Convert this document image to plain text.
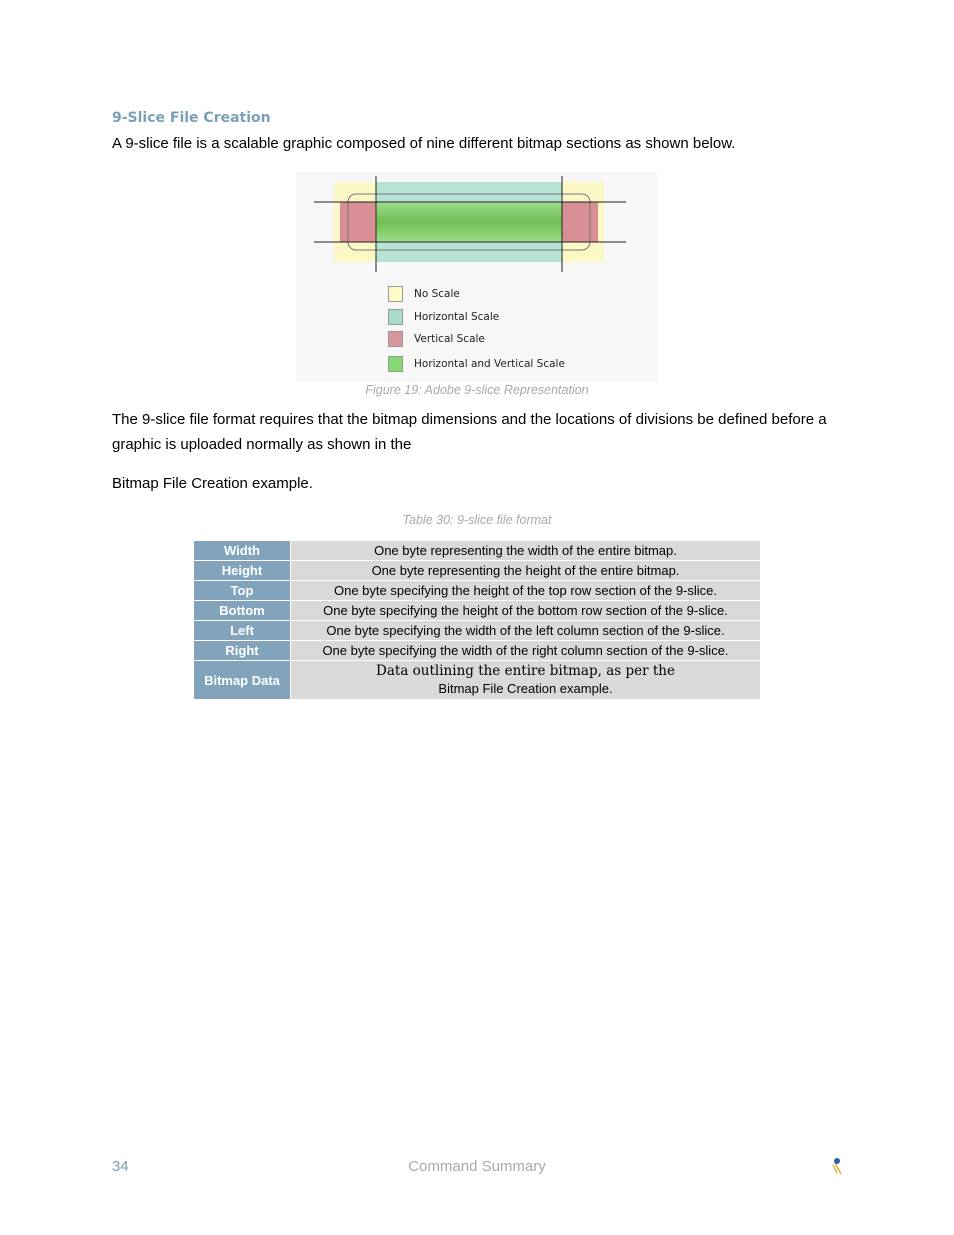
9-Slice File Creation

A 9-slice file is a scalable graphic composed of nine different bitmap sections as shown below.

No Scale
Horizontal Scale
Vertical Scale
Horizontal and Vertical Scale

Figure 19: Adobe 9-slice Representation

The 9-slice file format requires that the bitmap dimensions and the locations of divisions be defined before a graphic is uploaded normally as shown in the

Bitmap File Creation example.

Table 30: 9-slice file format

Width	One byte representing the width of the entire bitmap.
Height	One byte representing the height of the entire bitmap.
Top	One byte specifying the height of the top row section of the 9-slice.
Bottom	One byte specifying the height of the bottom row section of the 9-slice.
Left	One byte specifying the width of the left column section of the 9-slice.
Right	One byte specifying the width of the right column section of the 9-slice.
Bitmap Data	Data outlining the entire bitmap, as per the
Bitmap File Creation example.
34	Command Summary
